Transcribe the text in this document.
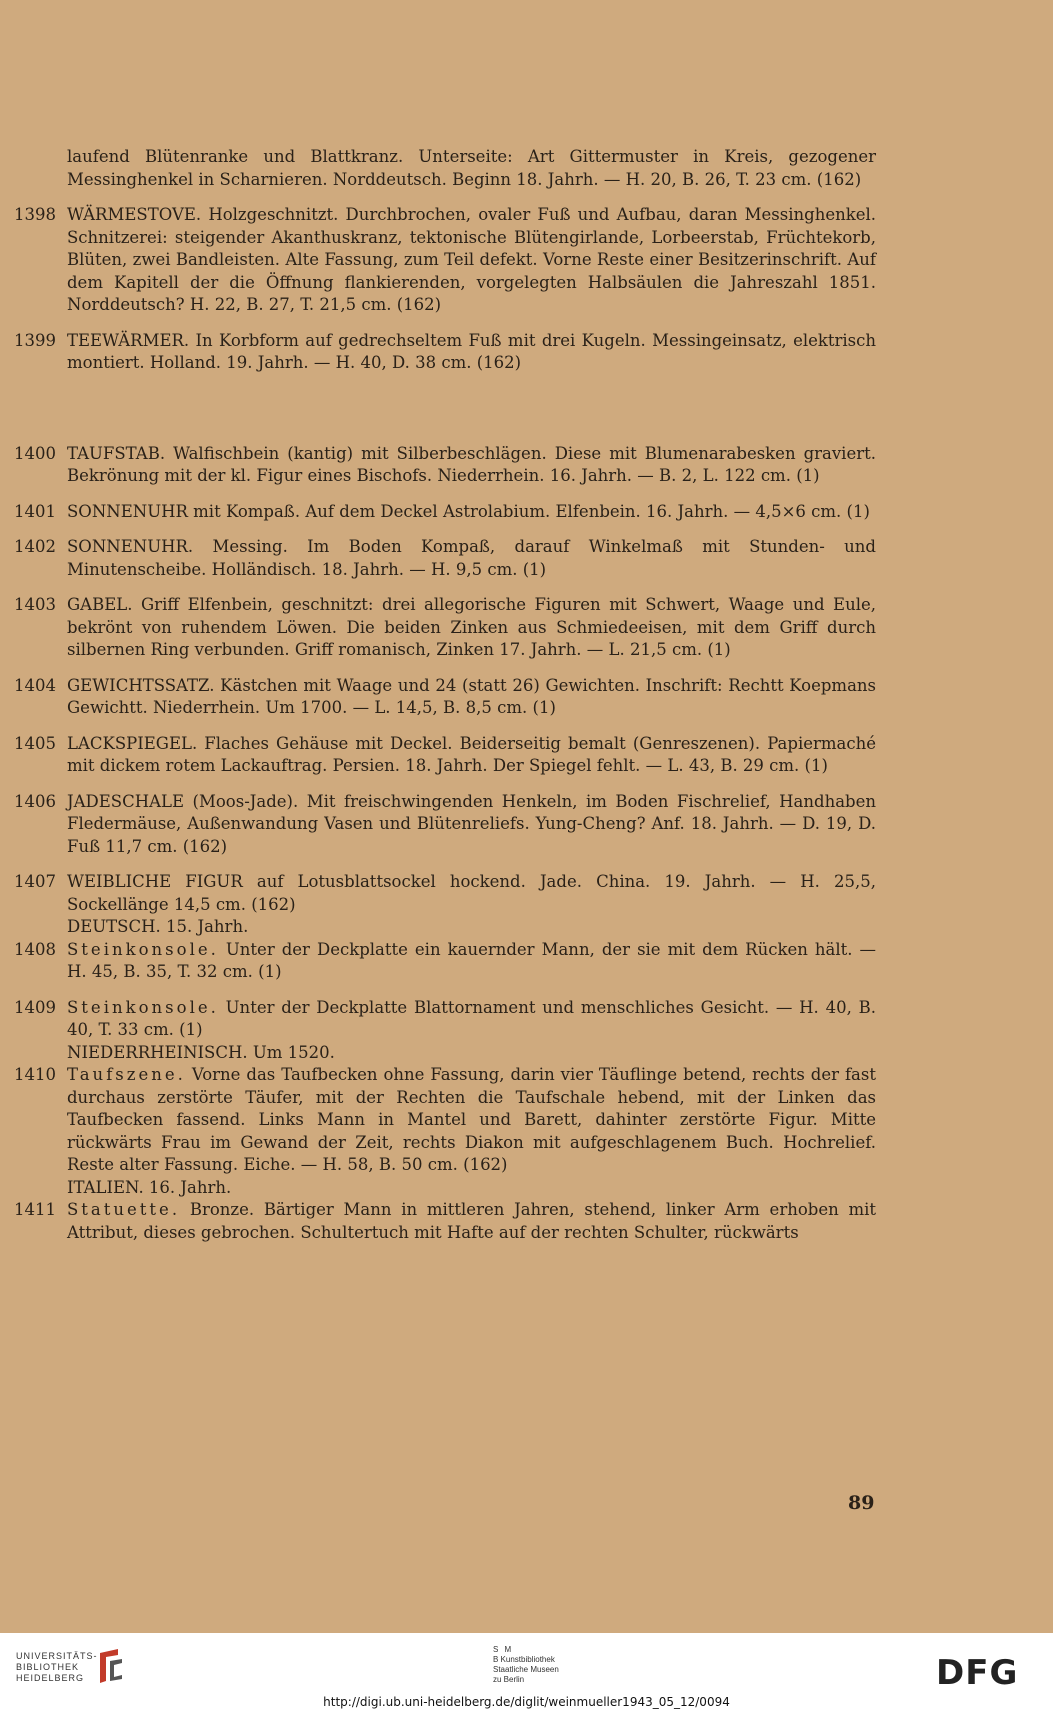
laufend Blütenranke und Blattkranz. Unterseite: Art Gittermuster in Kreis, gezogener Messinghenkel in Scharnieren. Norddeutsch. Beginn 18. Jahrh. — H. 20, B. 26, T. 23 cm. (162)

1398 WÄRMESTOVE. Holzgeschnitzt. Durchbrochen, ovaler Fuß und Aufbau, daran Messinghenkel. Schnitzerei: steigender Akanthuskranz, tektonische Blütengirlande, Lorbeerstab, Früchtekorb, Blüten, zwei Bandleisten. Alte Fassung, zum Teil defekt. Vorne Reste einer Besitzerinschrift. Auf dem Kapitell der die Öffnung flankierenden, vorgelegten Halbsäulen die Jahreszahl 1851. Norddeutsch? H. 22, B. 27, T. 21,5 cm. (162)

1399 TEEWÄRMER. In Korbform auf gedrechseltem Fuß mit drei Kugeln. Messingeinsatz, elektrisch montiert. Holland. 19. Jahrh. — H. 40, D. 38 cm. (162)

1400 TAUFSTAB. Walfischbein (kantig) mit Silberbeschlägen. Diese mit Blumenarabesken graviert. Bekrönung mit der kl. Figur eines Bischofs. Niederrhein. 16. Jahrh. — B. 2, L. 122 cm. (1)

1401 SONNENUHR mit Kompaß. Auf dem Deckel Astrolabium. Elfenbein. 16. Jahrh. — 4,5×6 cm. (1)

1402 SONNENUHR. Messing. Im Boden Kompaß, darauf Winkelmaß mit Stunden- und Minutenscheibe. Holländisch. 18. Jahrh. — H. 9,5 cm. (1)

1403 GABEL. Griff Elfenbein, geschnitzt: drei allegorische Figuren mit Schwert, Waage und Eule, bekrönt von ruhendem Löwen. Die beiden Zinken aus Schmiedeeisen, mit dem Griff durch silbernen Ring verbunden. Griff romanisch, Zinken 17. Jahrh. — L. 21,5 cm. (1)

1404 GEWICHTSSATZ. Kästchen mit Waage und 24 (statt 26) Gewichten. Inschrift: Rechtt Koepmans Gewichtt. Niederrhein. Um 1700. — L. 14,5, B. 8,5 cm. (1)

1405 LACKSPIEGEL. Flaches Gehäuse mit Deckel. Beiderseitig bemalt (Genreszenen). Papiermaché mit dickem rotem Lackauftrag. Persien. 18. Jahrh. Der Spiegel fehlt. — L. 43, B. 29 cm. (1)

1406 JADESCHALE (Moos-Jade). Mit freischwingenden Henkeln, im Boden Fischrelief, Handhaben Fledermäuse, Außenwandung Vasen und Blütenreliefs. Yung-Cheng? Anf. 18. Jahrh. — D. 19, D. Fuß 11,7 cm. (162)

1407 WEIBLICHE FIGUR auf Lotusblattsockel hockend. Jade. China. 19. Jahrh. — H. 25,5, Sockellänge 14,5 cm. (162)

DEUTSCH. 15. Jahrh.

1408 Steinkonsole. Unter der Deckplatte ein kauernder Mann, der sie mit dem Rücken hält. — H. 45, B. 35, T. 32 cm. (1)

1409 Steinkonsole. Unter der Deckplatte Blattornament und menschliches Gesicht. — H. 40, B. 40, T. 33 cm. (1)

NIEDERRHEINISCH. Um 1520.

1410 Taufszene. Vorne das Taufbecken ohne Fassung, darin vier Täuflinge betend, rechts der fast durchaus zerstörte Täufer, mit der Rechten die Taufschale hebend, mit der Linken das Taufbecken fassend. Links Mann in Mantel und Barett, dahinter zerstörte Figur. Mitte rückwärts Frau im Gewand der Zeit, rechts Diakon mit aufgeschlagenem Buch. Hochrelief. Reste alter Fassung. Eiche. — H. 58, B. 50 cm. (162)

ITALIEN. 16. Jahrh.

1411 Statuette. Bronze. Bärtiger Mann in mittleren Jahren, stehend, linker Arm erhoben mit Attribut, dieses gebrochen. Schultertuch mit Hafte auf der rechten Schulter, rückwärts

89
UNIVERSITÄTS-
BIBLIOTHEK
HEIDELBERG
S M
B Kunstbibliothek
Staatliche Museen
zu Berlin	DFG
http://digi.ub.uni-heidelberg.de/diglit/weinmueller1943_05_12/0094
